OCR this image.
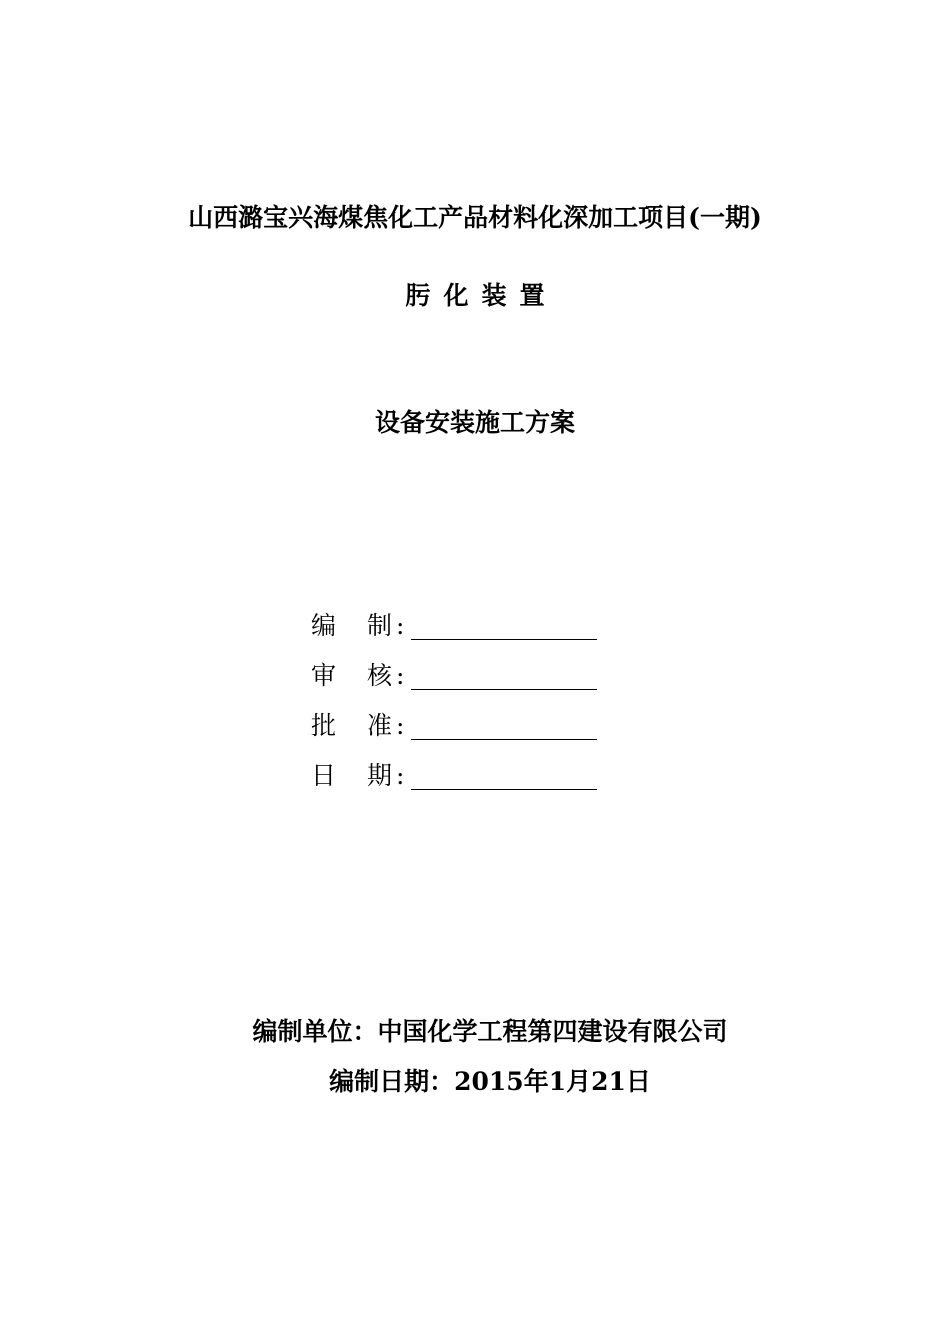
山西潞宝兴海煤焦化工产品材料化深加工项目(一期)
肟化装置
设备安装施工方案
编 制 :
审 核 :
批 准 :
日 期 :
编制单位：中国化学工程第四建设有限公司
编制日期：2015年1月21日
